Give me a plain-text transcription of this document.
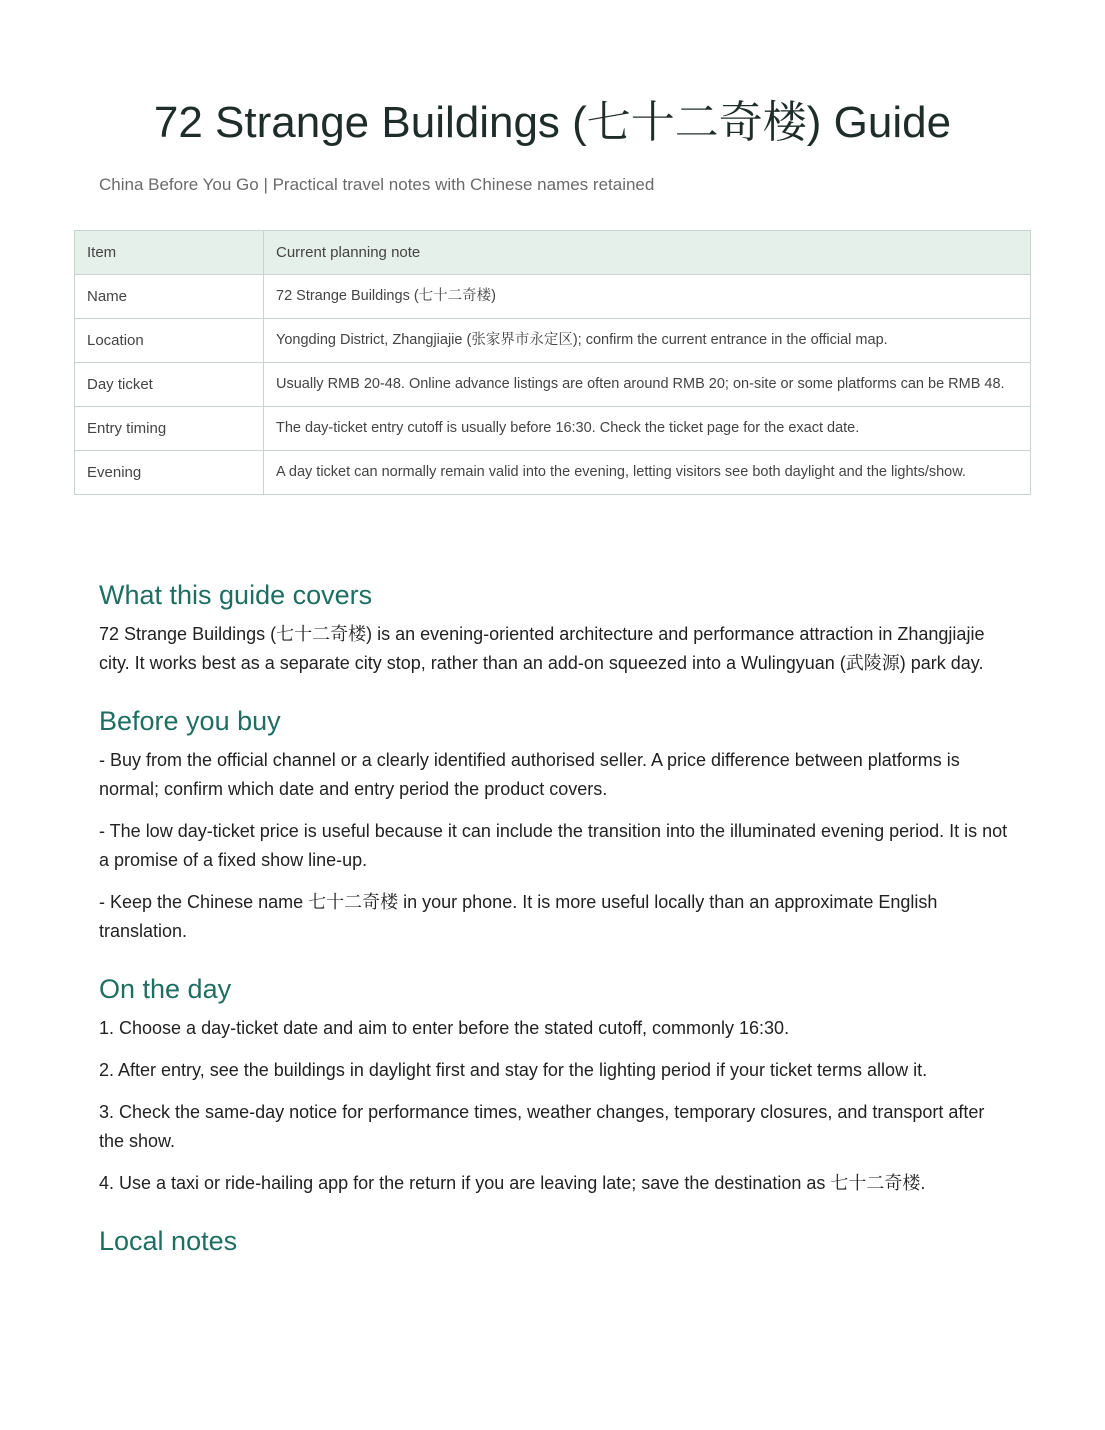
72 Strange Buildings (七十二奇楼) Guide

China Before You Go | Practical travel notes with Chinese names retained

Item	Current planning note
Name	72 Strange Buildings (七十二奇楼)
Location	Yongding District, Zhangjiajie (张家界市永定区); confirm the current entrance in the official map.
Day ticket	Usually RMB 20-48. Online advance listings are often around RMB 20; on-site or some platforms can be RMB 48.
Entry timing	The day-ticket entry cutoff is usually before 16:30. Check the ticket page for the exact date.
Evening	A day ticket can normally remain valid into the evening, letting visitors see both daylight and the lights/show.
What this guide covers

72 Strange Buildings (七十二奇楼) is an evening-oriented architecture and performance attraction in Zhangjiajie city. It works best as a separate city stop, rather than an add-on squeezed into a Wulingyuan (武陵源) park day.

Before you buy

- Buy from the official channel or a clearly identified authorised seller. A price difference between platforms is normal; confirm which date and entry period the product covers.

- The low day-ticket price is useful because it can include the transition into the illuminated evening period. It is not a promise of a fixed show line-up.

- Keep the Chinese name 七十二奇楼 in your phone. It is more useful locally than an approximate English translation.

On the day

1. Choose a day-ticket date and aim to enter before the stated cutoff, commonly 16:30.

2. After entry, see the buildings in daylight first and stay for the lighting period if your ticket terms allow it.

3. Check the same-day notice for performance times, weather changes, temporary closures, and transport after the show.

4. Use a taxi or ride-hailing app for the return if you are leaving late; save the destination as 七十二奇楼.

Local notes
